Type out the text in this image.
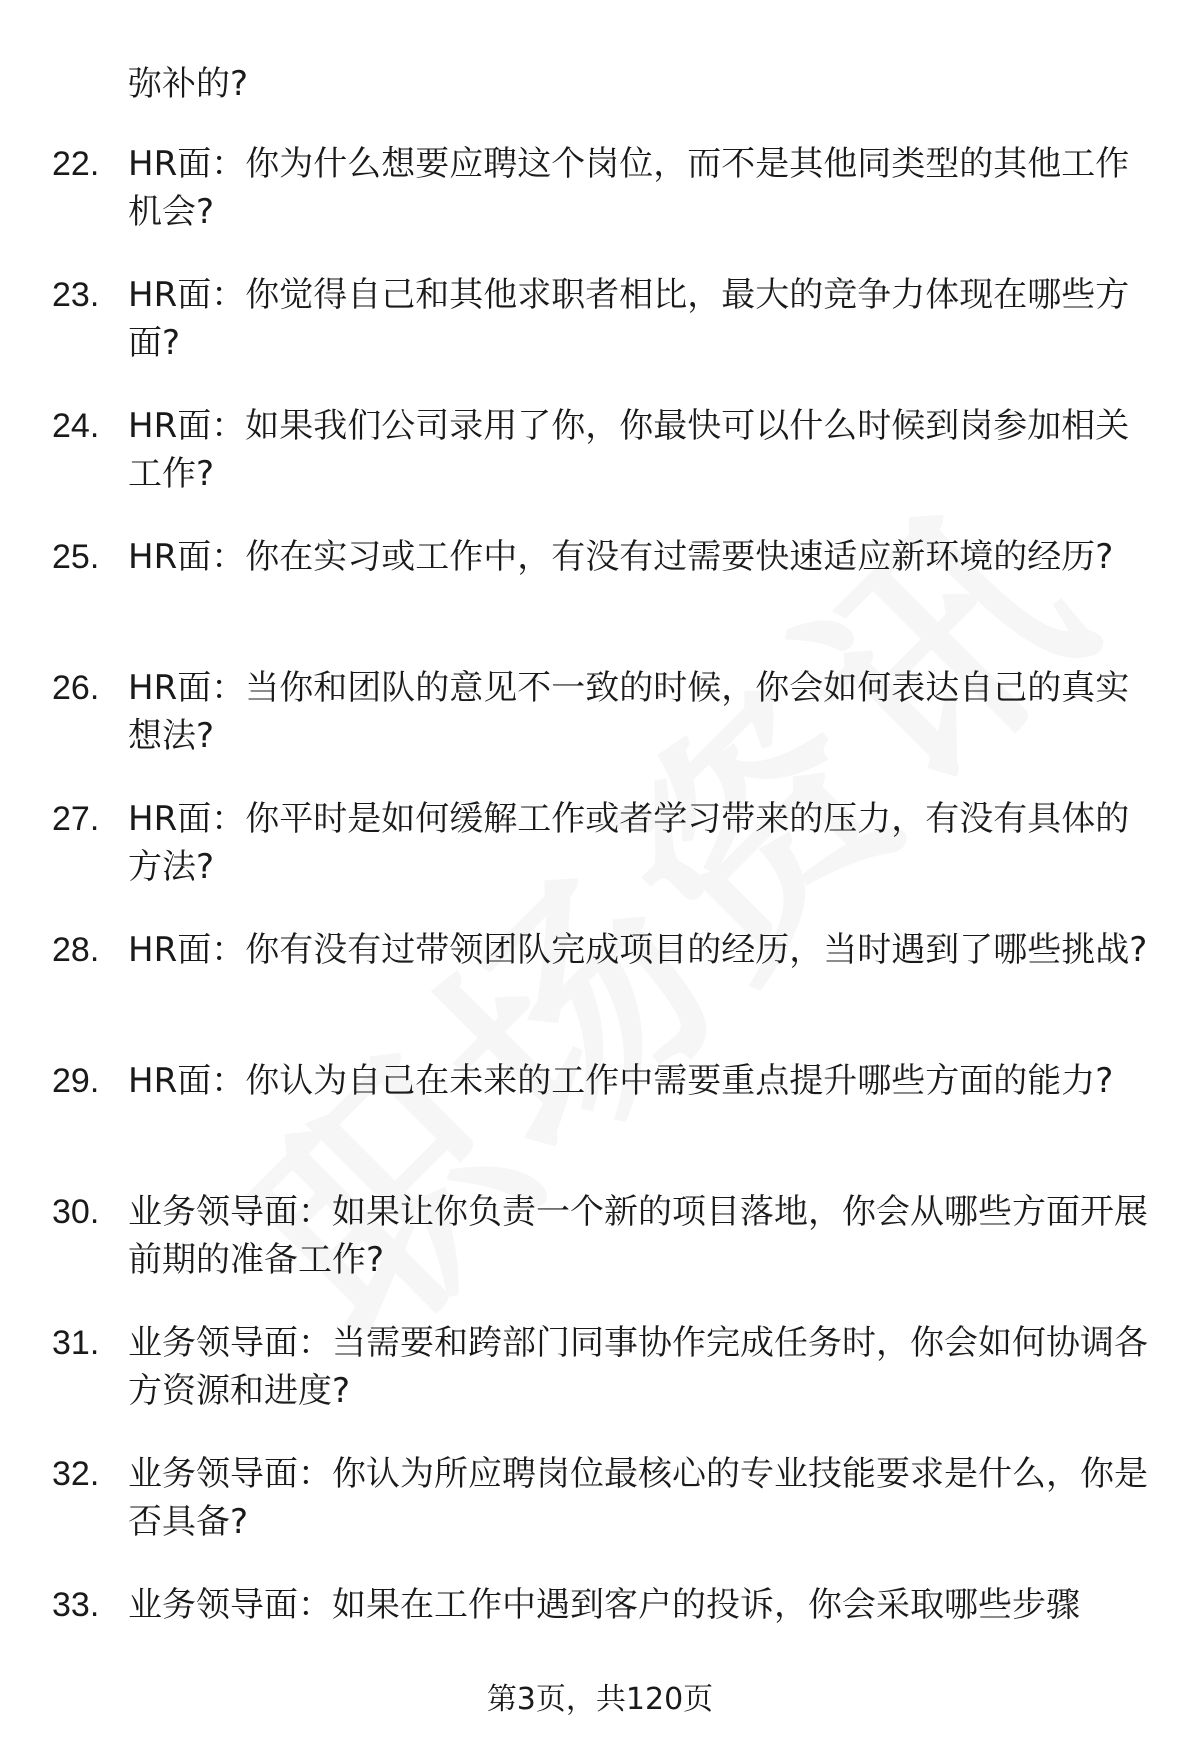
弥补的?
22. HR面：你为什么想要应聘这个岗位，而不是其他同类型的其他工作机会?
23. HR面：你觉得自己和其他求职者相比，最大的竞争力体现在哪些方面?
24. HR面：如果我们公司录用了你，你最快可以什么时候到岗参加相关工作?
25. HR面：你在实习或工作中，有没有过需要快速适应新环境的经历?
26. HR面：当你和团队的意见不一致的时候，你会如何表达自己的真实想法?
27. HR面：你平时是如何缓解工作或者学习带来的压力，有没有具体的方法?
28. HR面：你有没有过带领团队完成项目的经历，当时遇到了哪些挑战?
29. HR面：你认为自己在未来的工作中需要重点提升哪些方面的能力?
30. 业务领导面：如果让你负责一个新的项目落地，你会从哪些方面开展前期的准备工作?
31. 业务领导面：当需要和跨部门同事协作完成任务时，你会如何协调各方资源和进度?
32. 业务领导面：你认为所应聘岗位最核心的专业技能要求是什么，你是否具备?
33. 业务领导面：如果在工作中遇到客户的投诉，你会采取哪些步骤
第3页，共120页
